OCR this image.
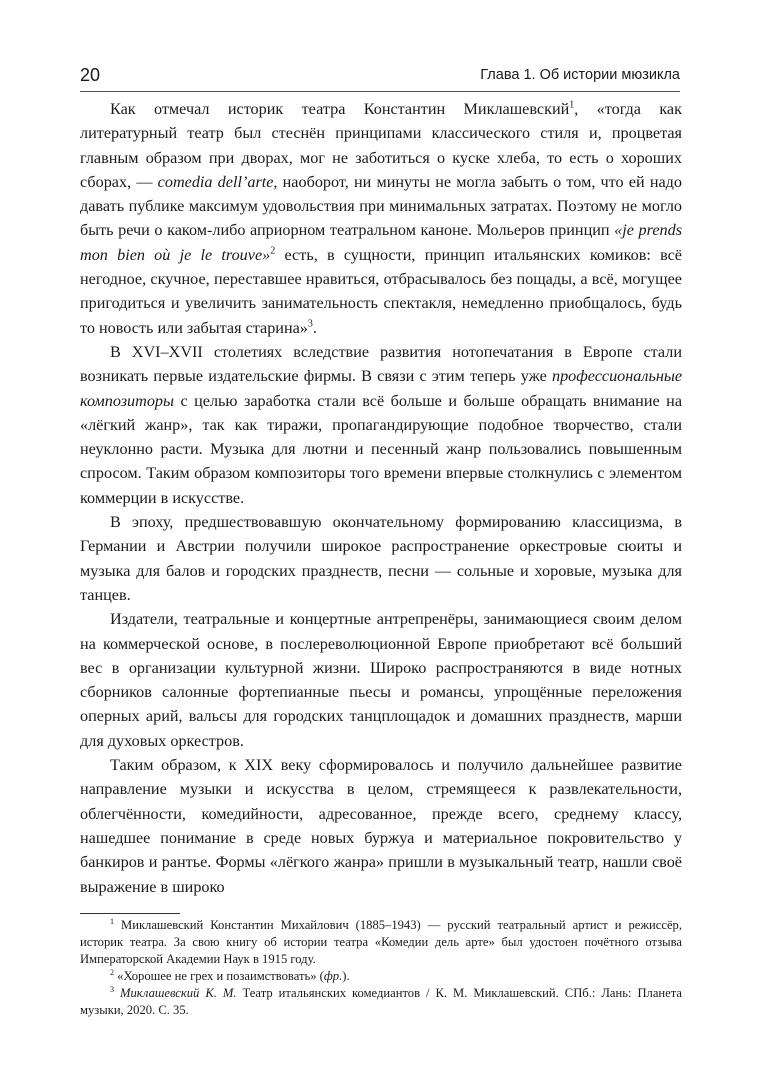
20	Глава 1. Об истории мюзикла

Как отмечал историк театра Константин Миклашевский$^1$, «тогда как литературный театр был стеснён принципами классического стиля и, процветая главным образом при дворах, мог не заботиться о куске хлеба, то есть о хороших сборах, — comedia dell’arte, наоборот, ни минуты не могла забыть о том, что ей надо давать публике максимум удовольствия при минимальных затратах. Поэтому не могло быть речи о каком-либо априорном театральном каноне. Мольеров принцип «je prends mon bien où je le trouve»$^2$ есть, в сущности, принцип итальянских комиков: всё негодное, скучное, переставшее нравиться, отбрасывалось без пощады, а всё, могущее пригодиться и увеличить занимательность спектакля, немедленно приобщалось, будь то новость или забытая старина»$^3$.

В XVI–XVII столетиях вследствие развития нотопечатания в Европе стали возникать первые издательские фирмы. В связи с этим теперь уже профессиональные композиторы с целью заработка стали всё больше и больше обращать внимание на «лёгкий жанр», так как тиражи, пропагандирующие подобное творчество, стали неуклонно расти. Музыка для лютни и песенный жанр пользовались повышенным спросом. Таким образом композиторы того времени впервые столкнулись с элементом коммерции в искусстве.

В эпоху, предшествовавшую окончательному формированию классицизма, в Германии и Австрии получили широкое распространение оркестровые сюиты и музыка для балов и городских празднеств, песни — сольные и хоровые, музыка для танцев.

Издатели, театральные и концертные антрепренёры, занимающиеся своим делом на коммерческой основе, в послереволюционной Европе приобретают всё больший вес в организации культурной жизни. Широко распространяются в виде нотных сборников салонные фортепианные пьесы и романсы, упрощённые переложения оперных арий, вальсы для городских танцплощадок и домашних празднеств, марши для духовых оркестров.

Таким образом, к XIX веку сформировалось и получило дальнейшее развитие направление музыки и искусства в целом, стремящееся к развлекательности, облегчённости, комедийности, адресованное, прежде всего, среднему классу, нашедшее понимание в среде новых буржуа и материальное покровительство у банкиров и рантье. Формы «лёгкого жанра» пришли в музыкальный театр, нашли своё выражение в широко

$^1$ Миклашевский Константин Михайлович (1885–1943) — русский театральный артист и режиссёр, историк театра. За свою книгу об истории театра «Комедии дель арте» был удостоен почётного отзыва Императорской Академии Наук в 1915 году.

$^2$ «Хорошее не грех и позаимствовать» (фр.).

$^3$ Миклашевский К. М. Театр итальянских комедиантов / К. М. Миклашевский. СПб.: Лань: Планета музыки, 2020. С. 35.
